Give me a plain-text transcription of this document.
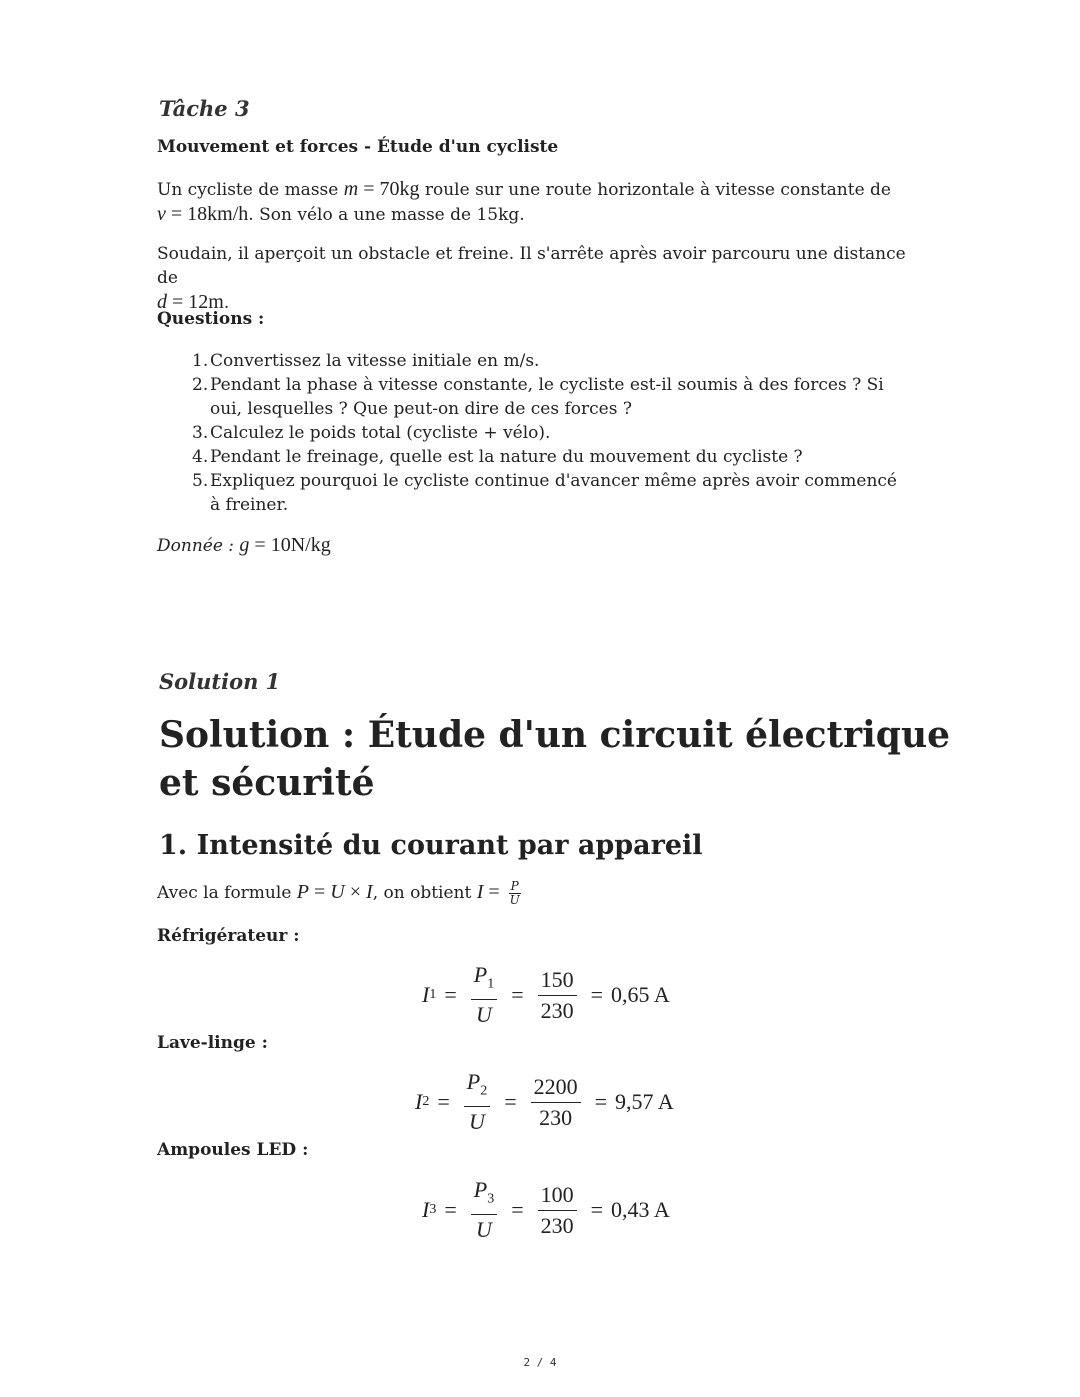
Tâche 3
Mouvement et forces - Étude d'un cycliste
Un cycliste de masse m = 70kg roule sur une route horizontale à vitesse constante de
v = 18km/h. Son vélo a une masse de 15kg.
Soudain, il aperçoit un obstacle et freine. Il s'arrête après avoir parcouru une distance de
d = 12m.
Questions :
1. Convertissez la vitesse initiale en m/s.
2. Pendant la phase à vitesse constante, le cycliste est-il soumis à des forces ? Si oui, lesquelles ? Que peut-on dire de ces forces ?
3. Calculez le poids total (cycliste + vélo).
4. Pendant le freinage, quelle est la nature du mouvement du cycliste ?
5. Expliquez pourquoi le cycliste continue d'avancer même après avoir commencé à freiner.
Donnée : g = 10N/kg
Solution 1
Solution : Étude d'un circuit électrique et sécurité
1. Intensité du courant par appareil
Avec la formule P = U × I, on obtient $I = \frac{P}{U}$
Réfrigérateur :
I $1 = \frac{P_1}{U} = \frac{150}{230} = 0,65$ A
Lave-linge :
I $2 = \frac{P_2}{U} = \frac{2200}{230} = 9,57$ A
Ampoules LED :
I $3 = \frac{P_3}{U} = \frac{100}{230} = 0,43$ A
2 / 4
